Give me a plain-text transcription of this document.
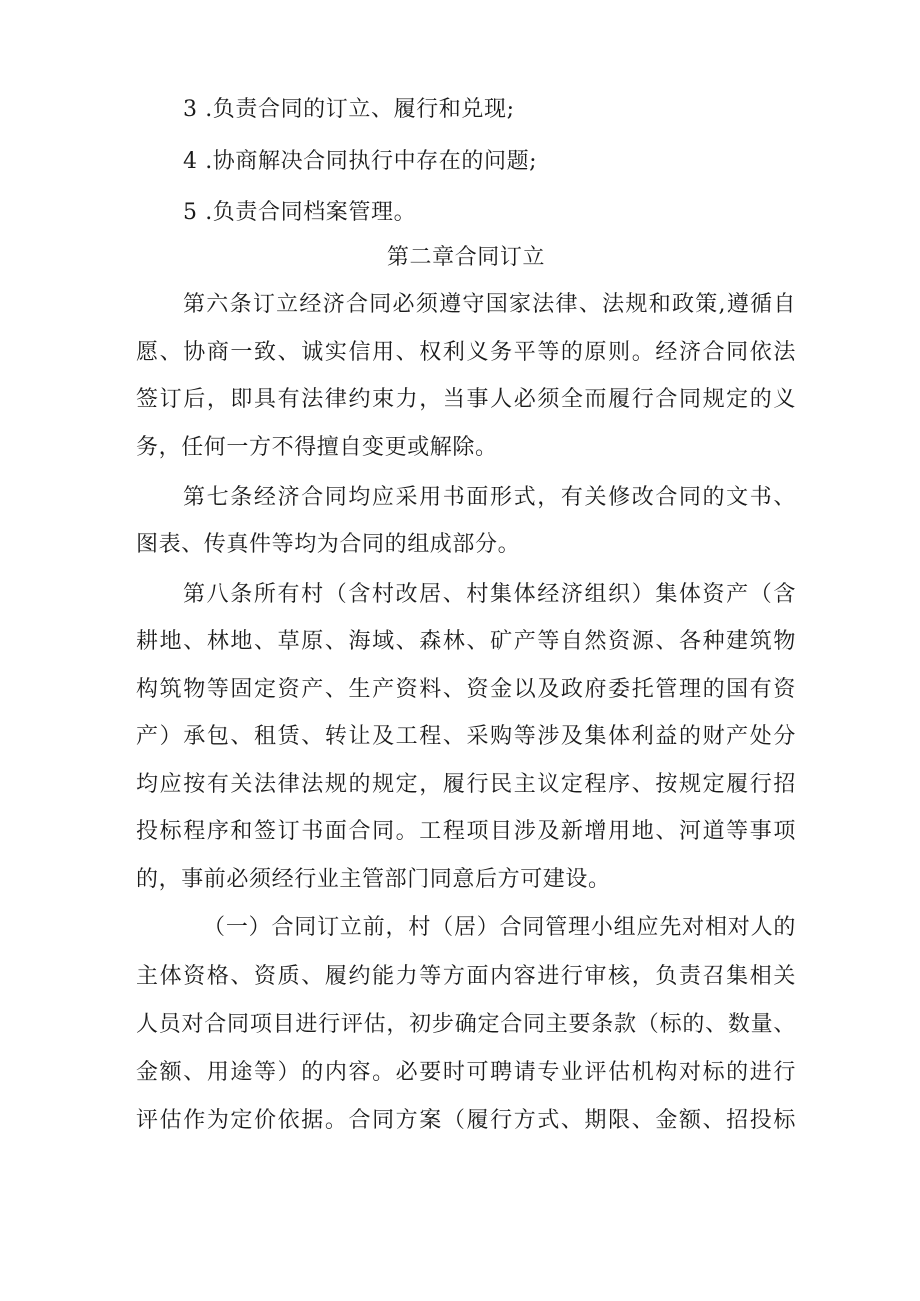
3 .负责合同的订立、履行和兑现;
4 .协商解决合同执行中存在的问题;
5 .负责合同档案管理。
第二章合同订立
第六条订立经济合同必须遵守国家法律、法规和政策,遵循自
愿、协商一致、诚实信用、权利义务平等的原则。经济合同依法
签订后，即具有法律约束力，当事人必须全而履行合同规定的义
务，任何一方不得擅自变更或解除。
第七条经济合同均应采用书面形式，有关修改合同的文书、
图表、传真件等均为合同的组成部分。
第八条所有村（含村改居、村集体经济组织）集体资产（含
耕地、林地、草原、海域、森林、矿产等自然资源、各种建筑物
构筑物等固定资产、生产资料、资金以及政府委托管理的国有资
产）承包、租赁、转让及工程、采购等涉及集体利益的财产处分
均应按有关法律法规的规定，履行民主议定程序、按规定履行招
投标程序和签订书面合同。工程项目涉及新增用地、河道等事项
的，事前必须经行业主管部门同意后方可建设。
（一）合同订立前，村（居）合同管理小组应先对相对人的
主体资格、资质、履约能力等方面内容进行审核，负责召集相关
人员对合同项目进行评估，初步确定合同主要条款（标的、数量、
金额、用途等）的内容。必要时可聘请专业评估机构对标的进行
评估作为定价依据。合同方案（履行方式、期限、金额、招投标
